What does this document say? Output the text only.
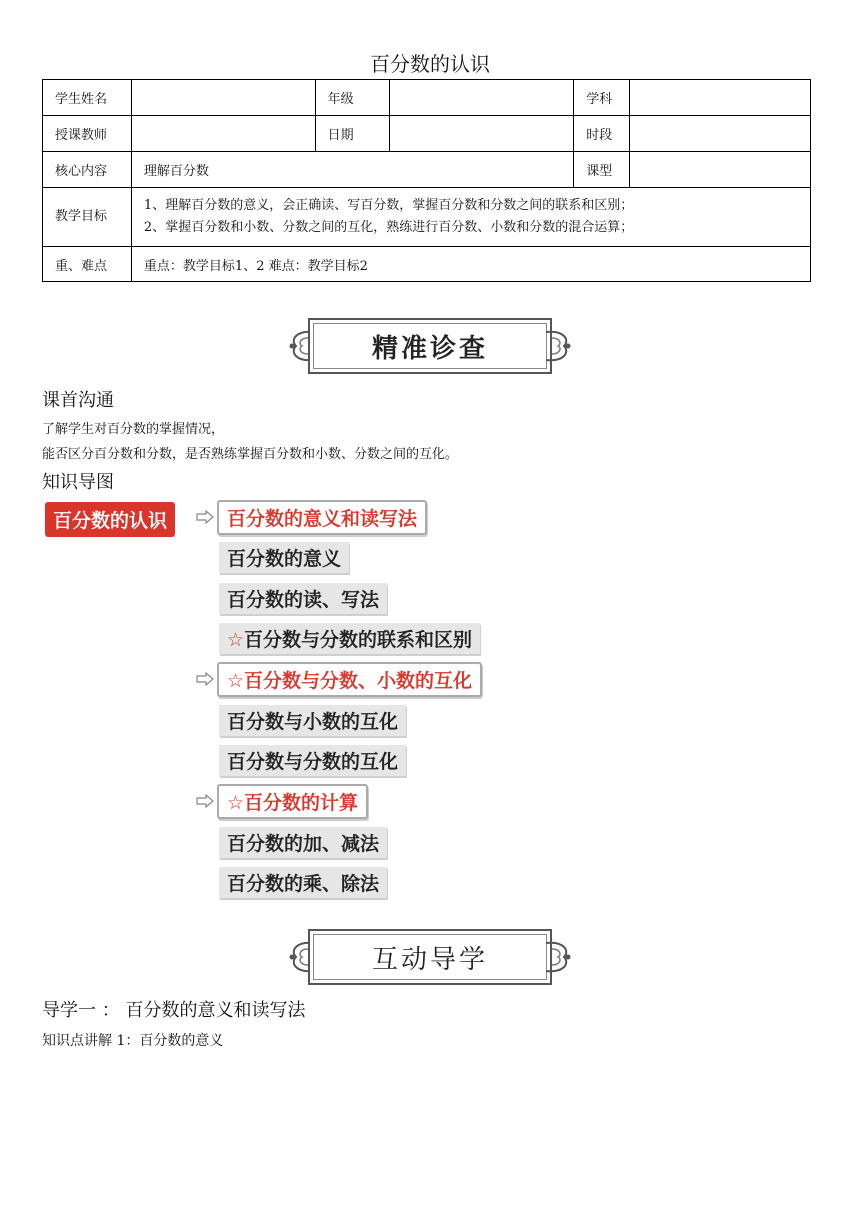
百分数的认识
学生姓名		年级		学科	
授课教师		日期		时段	
核心内容	理解百分数			课型	
教学目标	1、理解百分数的意义，会正确读、写百分数，掌握百分数和分数之间的联系和区别；
2、掌握百分数和小数、分数之间的互化，熟练进行百分数、小数和分数的混合运算；				

重、难点	重点：教学目标1、2 难点：教学目标2				
精准诊查
课首沟通
了解学生对百分数的掌握情况，
能否区分百分数和分数，是否熟练掌握百分数和小数、分数之间的互化。
知识导图
百分数的认识	百分数的意义和读写法
百分数的意义
百分数的读、写法
☆百分数与分数的联系和区别
☆百分数与分数、小数的互化
百分数与小数的互化
百分数与分数的互化
☆百分数的计算
百分数的加、减法
百分数的乘、除法
互动导学
导学一 ： 百分数的意义和读写法
知识点讲解 1：百分数的意义
